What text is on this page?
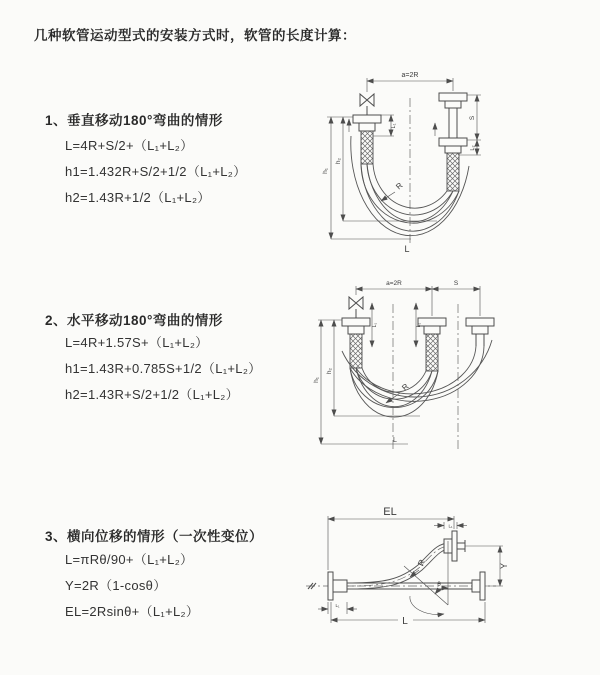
几种软管运动型式的安装方式时，软管的长度计算：
1、垂直移动180°弯曲的情形
L=4R+S/2+（L₁+L₂）
h1=1.432R+S/2+1/2（L₁+L₂）
h2=1.43R+1/2（L₁+L₂）
a=2R
h₁
h₂
L₁
S
L₂
R
L
2、水平移动180°弯曲的情形
L=4R+1.57S+（L₁+L₂）
h1=1.43R+0.785S+1/2（L₁+L₂）
h2=1.43R+S/2+1/2（L₁+L₂）
a=2R	S
h₁
h₂
L₁	L₁
R
L
3、横向位移的情形（一次性变位）
L=πRθ/90+（L₁+L₂）
Y=2R（1-cosθ）
EL=2Rsinθ+（L₁+L₂）
EL
L₁
Y
θ
R
L₁
L
